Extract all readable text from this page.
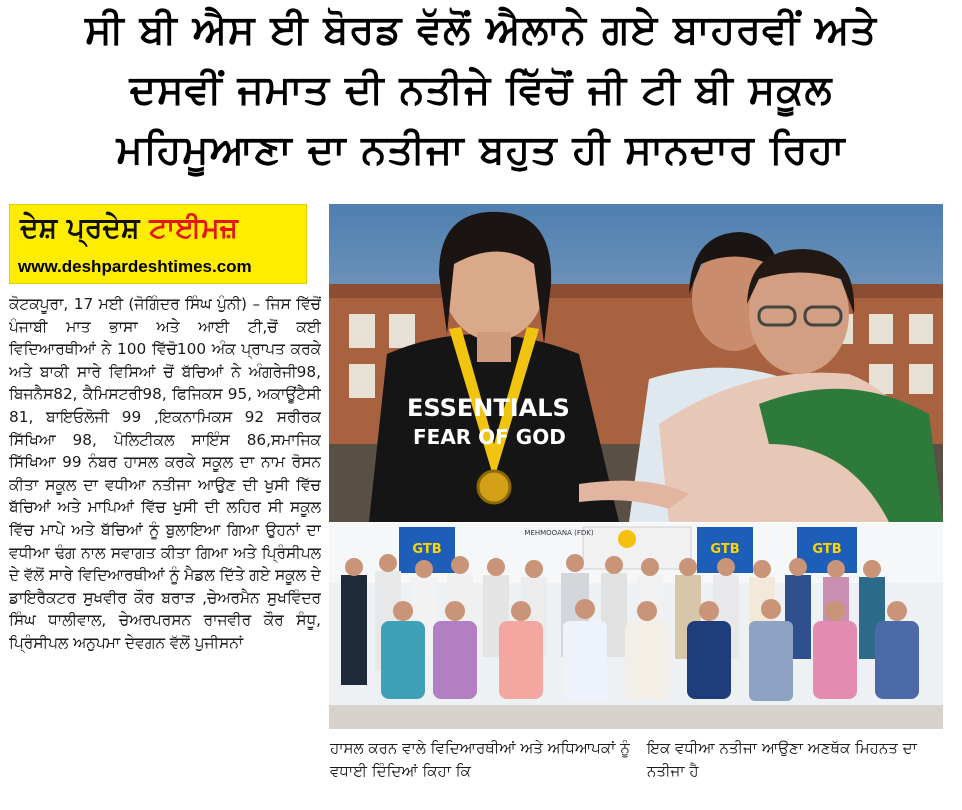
ਸੀ ਬੀ ਐਸ ਈ ਬੋਰਡ ਵੱਲੋਂ ਐਲਾਨੇ ਗਏ ਬਾਹਰਵੀਂ ਅਤੇ
ਦਸਵੀਂ ਜਮਾਤ ਦੀ ਨਤੀਜੇ ਵਿੱਚੋਂ ਜੀ ਟੀ ਬੀ ਸਕੂਲ
ਮਹਿਮੂਆਣਾ ਦਾ ਨਤੀਜਾ ਬਹੁਤ ਹੀ ਸਾਨਦਾਰ ਰਿਹਾ
ਦੇਸ਼ ਪ੍ਰਦੇਸ਼ ਟਾਈਮਜ਼
www.deshpardeshtimes.com
ਕੋਟਕਪੂਰਾ, 17 ਮਈ (ਜੋਗਿੰਦਰ ਸਿੰਘ ਪੁੰਨੀ) – ਜਿਸ ਵਿੱਚੋਂ ਪੰਜਾਬੀ ਮਾਤ ਭਾਸਾ ਅਤੇ ਆਈ ਟੀ,ਚੋਂ ਕਈ ਵਿਦਿਆਰਥੀਆਂ ਨੇ 100 ਵਿੱਚੋ100 ਅੰਕ ਪ੍ਰਾਪਤ ਕਰਕੇ ਅਤੇ ਬਾਕੀ ਸਾਰੇ ਵਿਸਿਆਂ ਚੋਂ ਬੱਚਿਆਂ ਨੇ ਅੰਗਰੇਜੀ98, ਬਿਜਨੈਸ82, ਕੈਮਿਸਟਰੀ98, ਫਿਜਿਕਸ 95, ਅਕਾਊਂਟੈਸੀ 81, ਬਾਇਓਲੋਜੀ 99 ,ਇਕਨਾਮਿਕਸ 92 ਸਰੀਰਕ ਸਿੱਖਿਆ 98, ਪੋਲਿਟੀਕਲ ਸਾਇੰਸ 86,ਸਮਾਜਿਕ ਸਿੱਖਿਆ 99 ਨੰਬਰ ਹਾਸਲ ਕਰਕੇ ਸਕੂਲ ਦਾ ਨਾਮ ਰੋਸਨ ਕੀਤਾ ਸਕੂਲ ਦਾ ਵਧੀਆ ਨਤੀਜਾ ਆਉਣ ਦੀ ਖੁਸੀ ਵਿੱਚ ਬੱਚਿਆਂ ਅਤੇ ਮਾਪਿਆਂ ਵਿੱਚ ਖੁਸੀ ਦੀ ਲਹਿਰ ਸੀ ਸਕੂਲ ਵਿੱਚ ਮਾਪੇ ਅਤੇ ਬੱਚਿਆਂ ਨੂੰ ਬੁਲਾਇਆ ਗਿਆ ਉਹਨਾਂ ਦਾ ਵਧੀਆ ਢੰਗ ਨਾਲ ਸਵਾਗਤ ਕੀਤਾ ਗਿਆ ਅਤੇ ਪ੍ਰਿੰਸੀਪਲ ਦੇ ਵੱਲੋਂ ਸਾਰੇ ਵਿਦਿਆਰਥੀਆਂ ਨੂੰ ਮੈਡਲ ਦਿੱਤੇ ਗਏ ਸਕੂਲ ਦੇ ਡਾਇਰੈਕਟਰ ਸੁਖਵੀਰ ਕੌਰ ਬਰਾੜ ,ਚੇਅਰਮੈਨ ਸੁਖਵਿੰਦਰ ਸਿੰਘ ਧਾਲੀਵਾਲ, ਚੇਅਰਪਰਸਨ ਰਾਜਵੀਰ ਕੌਰ ਸੰਧੂ, ਪ੍ਰਿੰਸੀਪਲ ਅਨੁਪਮਾ ਦੇਵਗਨ ਵੱਲੋਂ ਪੁਜੀਸਨਾਂ
ESSENTIALS
FEAR OF GOD
GTB	GTB	GTB
MEHMOOANA (FDK)
ਹਾਸਲ ਕਰਨ ਵਾਲੇ ਵਿਦਿਆਰਥੀਆਂ ਅਤੇ ਅਧਿਆਪਕਾਂ ਨੂੰ ਵਧਾਈ ਦਿੰਦਿਆਂ ਕਿਹਾ ਕਿ
ਇਕ ਵਧੀਆ ਨਤੀਜਾ ਆਉਣਾ ਅਣਥੱਕ ਮਿਹਨਤ ਦਾ ਨਤੀਜਾ ਹੈ
